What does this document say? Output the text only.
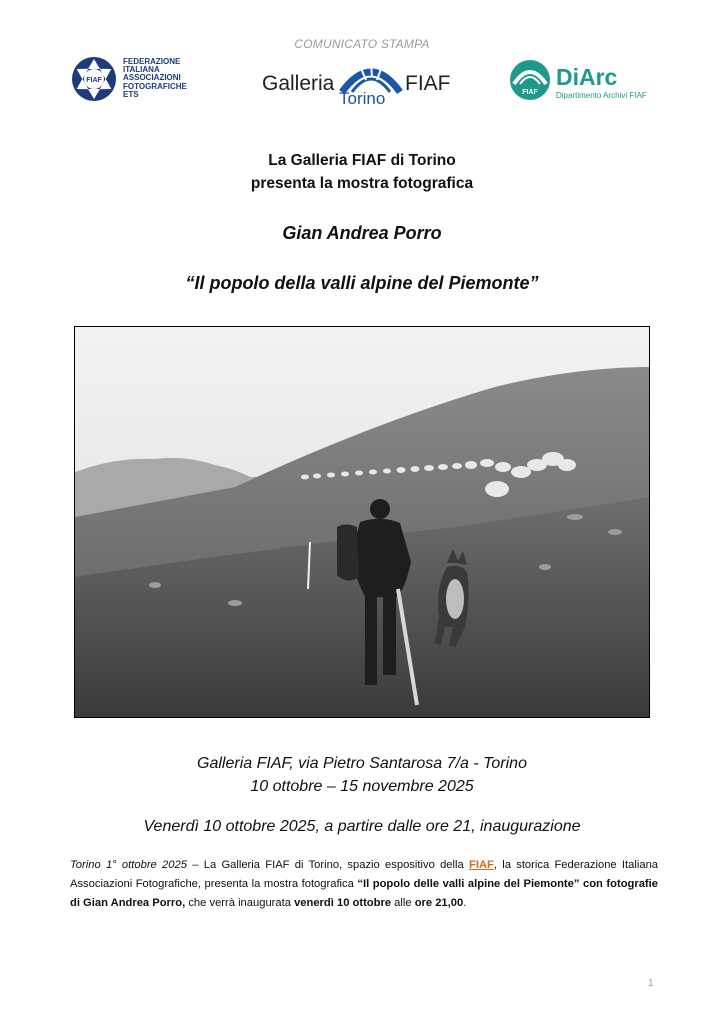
COMUNICATO STAMPA
FIAF
FEDERAZIONE
ITALIANA
ASSOCIAZIONI
FOTOGRAFICHE
ETS	Galleria	FIAF
Torino	FIAF
DiArc
Dipartimento Archivi FIAF
La Galleria FIAF di Torino
presenta la mostra fotografica
Gian Andrea Porro
“Il popolo della valli alpine del Piemonte”
Galleria FIAF, via Pietro Santarosa 7/a - Torino
10 ottobre – 15 novembre 2025
Venerdì 10 ottobre 2025, a partire dalle ore 21, inaugurazione
Torino 1° ottobre 2025 – La Galleria FIAF di Torino, spazio espositivo della FIAF, la storica Federazione Italiana Associazioni Fotografiche, presenta la mostra fotografica “Il popolo delle valli alpine del Piemonte” con fotografie di Gian Andrea Porro, che verrà inaugurata venerdì 10 ottobre alle ore 21,00.
1
